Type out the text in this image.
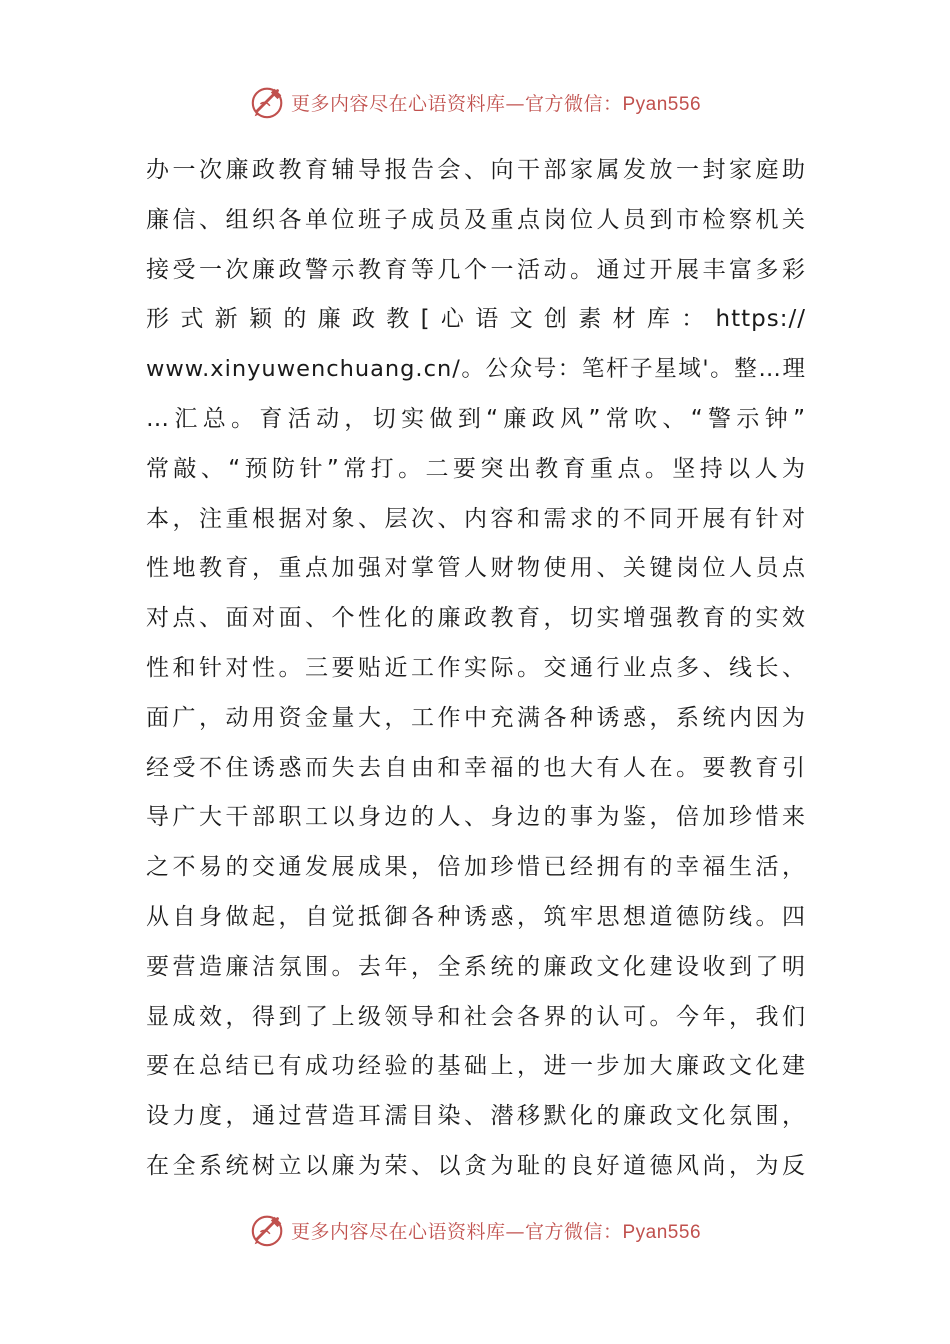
更多内容尽在心语资料库—官方微信：Pyan556
办一次廉政教育辅导报告会、向干部家属发放一封家庭助
廉信、组织各单位班子成员及重点岗位人员到市检察机关
接受一次廉政警示教育等几个一活动。通过开展丰富多彩
形式新颖的廉政教[心语文创素材库：https://
www.xinyuwenchuang.cn/。公众号：笔杆子星域'。整…理
…汇总。育活动，切实做到“廉政风”常吹、“警示钟”
常敲、“预防针”常打。二要突出教育重点。坚持以人为
本，注重根据对象、层次、内容和需求的不同开展有针对
性地教育，重点加强对掌管人财物使用、关键岗位人员点
对点、面对面、个性化的廉政教育，切实增强教育的实效
性和针对性。三要贴近工作实际。交通行业点多、线长、
面广，动用资金量大，工作中充满各种诱惑，系统内因为
经受不住诱惑而失去自由和幸福的也大有人在。要教育引
导广大干部职工以身边的人、身边的事为鉴，倍加珍惜来
之不易的交通发展成果，倍加珍惜已经拥有的幸福生活，
从自身做起，自觉抵御各种诱惑，筑牢思想道德防线。四
要营造廉洁氛围。去年，全系统的廉政文化建设收到了明
显成效，得到了上级领导和社会各界的认可。今年，我们
要在总结已有成功经验的基础上，进一步加大廉政文化建
设力度，通过营造耳濡目染、潜移默化的廉政文化氛围，
在全系统树立以廉为荣、以贪为耻的良好道德风尚，为反
更多内容尽在心语资料库—官方微信：Pyan556
